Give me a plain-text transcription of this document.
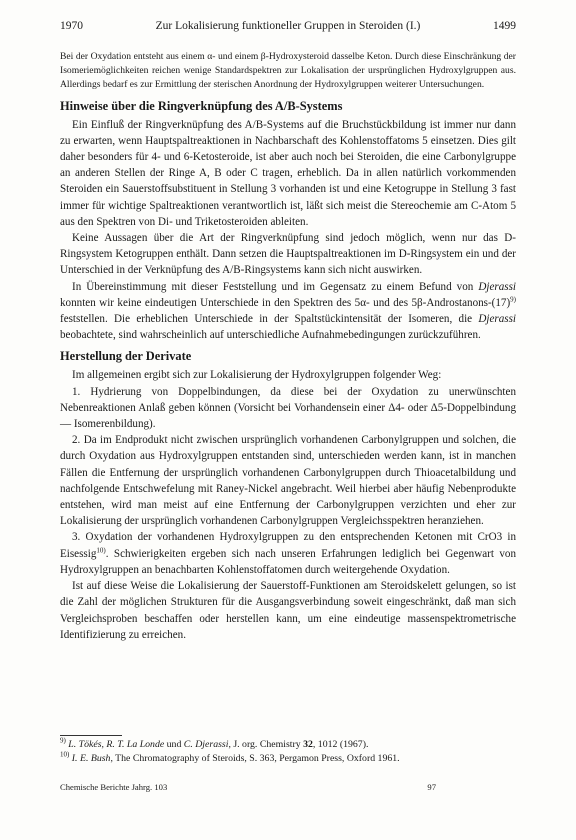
1970	Zur Lokalisierung funktioneller Gruppen in Steroiden (I.)	1499

Bei der Oxydation entsteht aus einem α- und einem β-Hydroxysteroid dasselbe Keton. Durch diese Einschränkung der Isomeriemöglichkeiten reichen wenige Standardspektren zur Lokalisation der ursprünglichen Hydroxylgruppen aus. Allerdings bedarf es zur Ermittlung der sterischen Anordnung der Hydroxylgruppen weiterer Untersuchungen.

Hinweise über die Ringverknüpfung des A/B-Systems

Ein Einfluß der Ringverknüpfung des A/B-Systems auf die Bruchstückbildung ist immer nur dann zu erwarten, wenn Hauptspaltreaktionen in Nachbarschaft des Kohlenstoffatoms 5 einsetzen. Dies gilt daher besonders für 4- und 6-Ketosteroide, ist aber auch noch bei Steroiden, die eine Carbonylgruppe an anderen Stellen der Ringe A, B oder C tragen, erheblich. Da in allen natürlich vorkommenden Steroiden ein Sauerstoffsubstituent in Stellung 3 vorhanden ist und eine Ketogruppe in Stellung 3 fast immer für wichtige Spaltreaktionen verantwortlich ist, läßt sich meist die Stereochemie am C-Atom 5 aus den Spektren von Di- und Triketosteroiden ableiten.

Keine Aussagen über die Art der Ringverknüpfung sind jedoch möglich, wenn nur das D-Ringsystem Ketogruppen enthält. Dann setzen die Hauptspaltreaktionen im D-Ringsystem ein und der Unterschied in der Verknüpfung des A/B-Ringsystems kann sich nicht auswirken.

In Übereinstimmung mit dieser Feststellung und im Gegensatz zu einem Befund von Djerassi konnten wir keine eindeutigen Unterschiede in den Spektren des 5α- und des $5\beta-Androstanons-(17)^{9)}$ feststellen. Die erheblichen Unterschiede in der Spaltstückintensität der Isomeren, die Djerassi beobachtete, sind wahrscheinlich auf unterschiedliche Aufnahmebedingungen zurückzuführen.

Herstellung der Derivate

Im allgemeinen ergibt sich zur Lokalisierung der Hydroxylgruppen folgender Weg:

1. Hydrierung von Doppelbindungen, da diese bei der Oxydation zu unerwünschten Nebenreaktionen Anlaß geben können (Vorsicht bei Vorhandensein einer Δ4- oder Δ5-Doppelbindung — Isomerenbildung).

2. Da im Endprodukt nicht zwischen ursprünglich vorhandenen Carbonylgruppen und solchen, die durch Oxydation aus Hydroxylgruppen entstanden sind, unterschieden werden kann, ist in manchen Fällen die Entfernung der ursprünglich vorhandenen Carbonylgruppen durch Thioacetalbildung und nachfolgende Entschwefelung mit Raney-Nickel angebracht. Weil hierbei aber häufig Nebenprodukte entstehen, wird man meist auf eine Entfernung der Carbonylgruppen verzichten und eher zur Lokalisierung der ursprünglich vorhandenen Carbonylgruppen Vergleichsspektren heranziehen.

3. Oxydation der vorhandenen Hydroxylgruppen zu den entsprechenden Ketonen mit CrO3 in Eisessig$^{10)}$. Schwierigkeiten ergeben sich nach unseren Erfahrungen lediglich bei Gegenwart von Hydroxylgruppen an benachbarten Kohlenstoffatomen durch weitergehende Oxydation.

Ist auf diese Weise die Lokalisierung der Sauerstoff-Funktionen am Steroidskelett gelungen, so ist die Zahl der möglichen Strukturen für die Ausgangsverbindung soweit eingeschränkt, daß man sich Vergleichsproben beschaffen oder herstellen kann, um eine eindeutige massenspektrometrische Identifizierung zu erreichen.

$^{9)}$ L. Tökés, R. T. La Londe und C. Djerassi, J. org. Chemistry 32, 1012 (1967).

$^{10)}$ I. E. Bush, The Chromatography of Steroids, S. 363, Pergamon Press, Oxford 1961.

Chemische Berichte Jahrg. 103	97
